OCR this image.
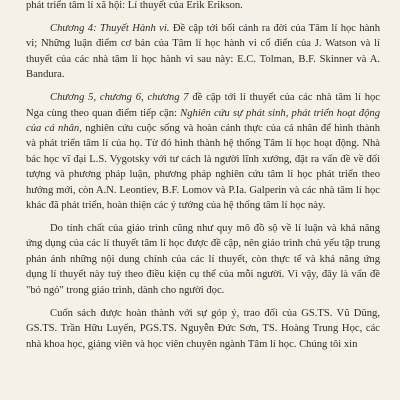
phát triển tâm lí xã hội: Lí thuyết của Erik Erikson.

Chương 4: Thuyết Hành vi. Đề cập tới bối cảnh ra đời của Tâm lí học hành vi; Những luận điểm cơ bản của Tâm lí học hành vi cổ điển của J. Watson và lí thuyết của các nhà tâm lí học hành vi sau này: E.C. Tolman, B.F. Skinner và A. Bandura.

Chương 5, chương 6, chương 7 đề cập tới lí thuyết của các nhà tâm lí học Nga cùng theo quan điểm tiếp cận: Nghiên cứu sự phát sinh, phát triển hoạt động của cá nhân, nghiên cứu cuộc sống và hoàn cảnh thực của cá nhân để hình thành và phát triển tâm lí của họ. Từ đó hình thành hệ thống Tâm lí học hoạt động. Nhà bác học vĩ đại L.S. Vygotsky với tư cách là người lĩnh xướng, đặt ra vấn đề về đối tượng và phương pháp luận, phương pháp nghiên cứu tâm lí học phát triển theo hướng mới, còn A.N. Leontiev, B.F. Lomov và P.Ia. Galperin và các nhà tâm lí học khác đã phát triển, hoàn thiện các ý tưởng của hệ thống tâm lí học này.

Do tính chất của giáo trình cũng như quy mô đồ sộ về lí luận và khả năng ứng dụng của các lí thuyết tâm lí học được đề cập, nên giáo trình chủ yếu tập trung phản ánh những nội dung chính của các lí thuyết, còn thực tế và khả năng ứng dụng lí thuyết này tuỳ theo điều kiện cụ thể của mỗi người. Vì vậy, đây là vấn đề "bỏ ngỏ" trong giáo trình, dành cho người đọc.

Cuốn sách được hoàn thành với sự góp ý, trao đổi của GS.TS. Vũ Dũng, GS.TS. Trần Hữu Luyến, PGS.TS. Nguyễn Đức Sơn, TS. Hoàng Trung Học, các nhà khoa học, giảng viên và học viên chuyên ngành Tâm lí học. Chúng tôi xin
